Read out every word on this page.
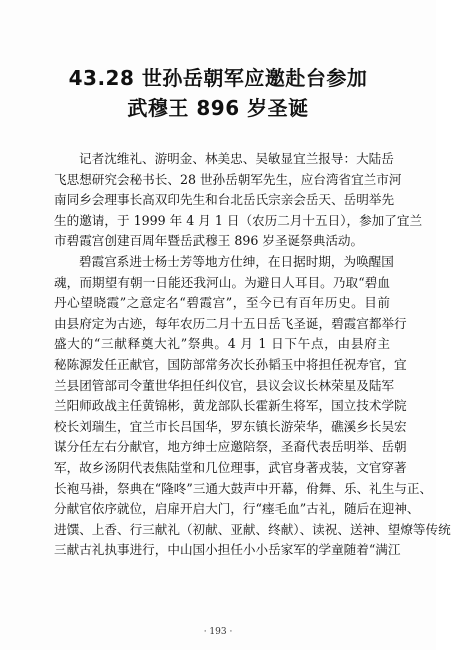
43.28 世孙岳朝军应邀赴台参加
武穆王 896 岁圣诞
记者沈维礼、游明金、林美忠、吴敏显宜兰报导：大陆岳
飞思想研究会秘书长、28 世孙岳朝军先生，应台湾省宜兰市河
南同乡会理事长高双印先生和台北岳氏宗亲会岳天、岳明举先
生的邀请，于 1999 年 4 月 1 日（农历二月十五日），参加了宜兰
市碧霞宫创建百周年暨岳武穆王 896 岁圣诞祭典活动。
碧霞宫系进士杨士芳等地方仕绅，在日据时期，为唤醒国
魂，而期望有朝一日能还我河山。为避日人耳目。乃取“碧血
丹心望晓霞”之意定名“碧霞宫”，至今已有百年历史。目前
由县府定为古迹，每年农历二月十五日岳飞圣诞，碧霞宫都举行
盛大的“三献释奠大礼”祭典。4 月 1 日下午点，由县府主
秘陈源发任正献官，国防部常务次长孙韬玉中将担任祝寿官，宜
兰县团管部司令董世华担任纠仪官，县议会议长林荣星及陆军
兰阳师政战主任黄锦彬，黄龙部队长霍新生将军，国立技术学院
校长刘瑞生，宜兰市长吕国华，罗东镇长游荣华，礁溪乡长吴宏
谋分任左右分献官，地方绅士应邀陪祭，圣裔代表岳明举、岳朝
军，故乡汤阴代表焦陆堂和几位理事，武官身著戎装，文官穿著
长袍马褂，祭典在“隆咚”三通大鼓声中开幕，佾舞、乐、礼生与正、
分献官依序就位，启扉开启大门，行“瘗毛血”古礼，随后在迎神、
进馔、上香、行三献礼（初献、亚献、终献）、读祝、送神、望燎等传统
三献古礼执事进行，中山国小担任小小岳家军的学童随着“满江
· 193 ·
